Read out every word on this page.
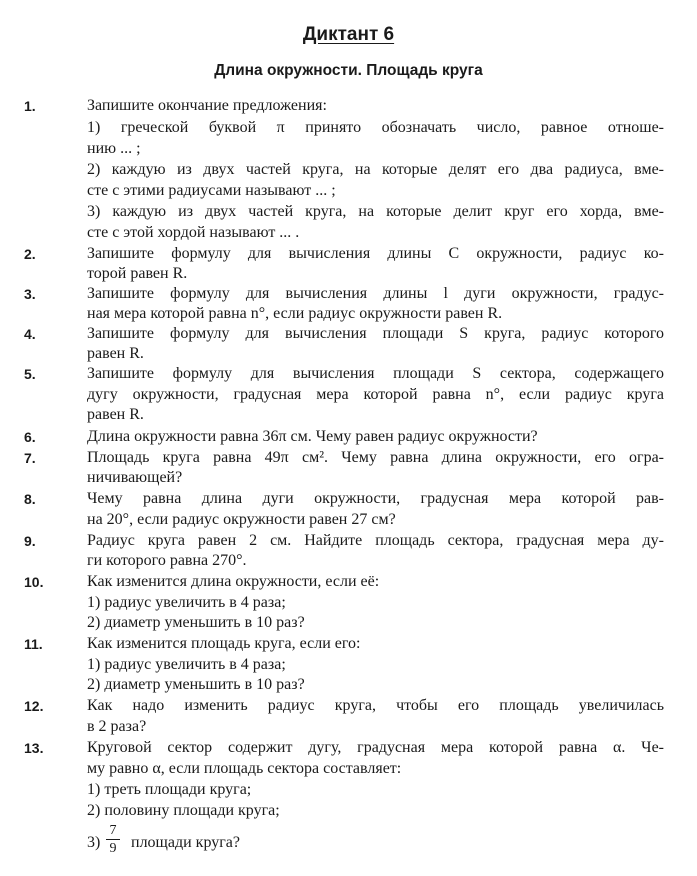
Диктант 6
Длина окружности. Площадь круга
1.
2.
3.
4.
5.
6.
7.
8.
9.
10.
11.
12.
13.
Запишите окончание предложения:
1) греческой буквой π принято обозначать число, равное отноше-
нию ... ;
2) каждую из двух частей круга, на которые делят его два радиуса, вме-
сте с этими радиусами называют ... ;
3) каждую из двух частей круга, на которые делит круг его хорда, вме-
сте с этой хордой называют ... .
Запишите формулу для вычисления длины C окружности, радиус ко-
торой равен R.
Запишите формулу для вычисления длины l дуги окружности, градус-
ная мера которой равна n°, если радиус окружности равен R.
Запишите формулу для вычисления площади S круга, радиус которого
равен R.
Запишите формулу для вычисления площади S сектора, содержащего
дугу окружности, градусная мера которой равна n°, если радиус круга
равен R.
Длина окружности равна 36π см. Чему равен радиус окружности?
Площадь круга равна 49π см². Чему равна длина окружности, его огра-
ничивающей?
Чему равна длина дуги окружности, градусная мера которой рав-
на 20°, если радиус окружности равен 27 см?
Радиус круга равен 2 см. Найдите площадь сектора, градусная мера ду-
ги которого равна 270°.
Как изменится длина окружности, если её:
1) радиус увеличить в 4 раза;
2) диаметр уменьшить в 10 раз?
Как изменится площадь круга, если его:
1) радиус увеличить в 4 раза;
2) диаметр уменьшить в 10 раз?
Как надо изменить радиус круга, чтобы его площадь увеличилась
в 2 раза?
Круговой сектор содержит дугу, градусная мера которой равна α. Че-
му равно α, если площадь сектора составляет:
1) треть площади круга;
2) половину площади круга;
3)	площади круга?
7
9
